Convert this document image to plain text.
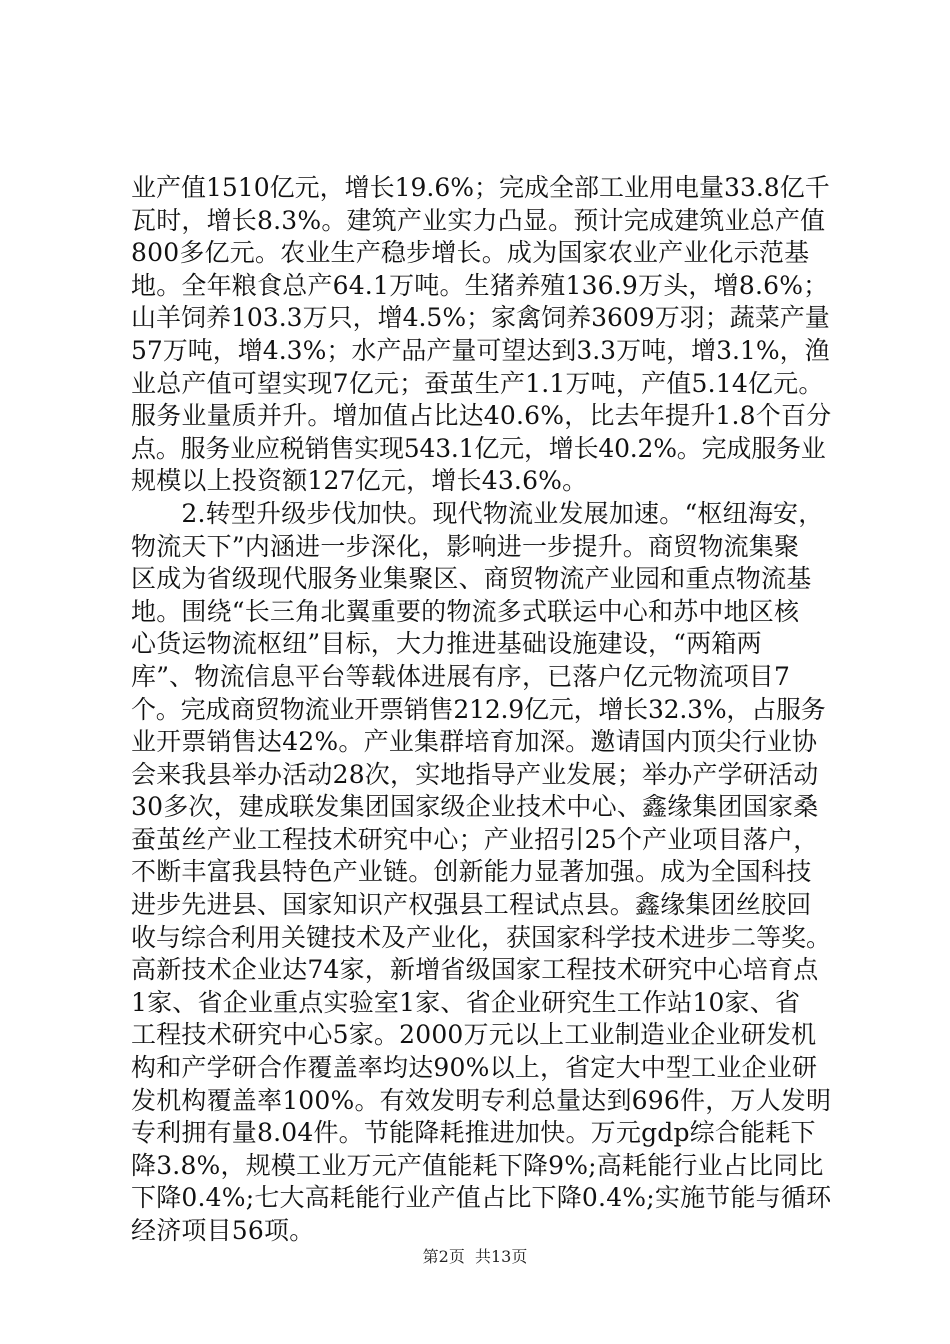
业产值1510亿元，增长19.6%；完成全部工业用电量33.8亿千
瓦时，增长8.3%。建筑产业实力凸显。预计完成建筑业总产值
800多亿元。农业生产稳步增长。成为国家农业产业化示范基
地。全年粮食总产64.1万吨。生猪养殖136.9万头，增8.6%；
山羊饲养103.3万只，增4.5%；家禽饲养3609万羽；蔬菜产量
57万吨，增4.3%；水产品产量可望达到3.3万吨，增3.1%，渔
业总产值可望实现7亿元；蚕茧生产1.1万吨，产值5.14亿元。
服务业量质并升。增加值占比达40.6%，比去年提升1.8个百分
点。服务业应税销售实现543.1亿元，增长40.2%。完成服务业
规模以上投资额127亿元，增长43.6%。
　　2.转型升级步伐加快。现代物流业发展加速。“枢纽海安，
物流天下”内涵进一步深化，影响进一步提升。商贸物流集聚
区成为省级现代服务业集聚区、商贸物流产业园和重点物流基
地。围绕“长三角北翼重要的物流多式联运中心和苏中地区核
心货运物流枢纽”目标，大力推进基础设施建设，“两箱两
库”、物流信息平台等载体进展有序，已落户亿元物流项目7
个。完成商贸物流业开票销售212.9亿元，增长32.3%，占服务
业开票销售达42%。产业集群培育加深。邀请国内顶尖行业协
会来我县举办活动28次，实地指导产业发展；举办产学研活动
30多次，建成联发集团国家级企业技术中心、鑫缘集团国家桑
蚕茧丝产业工程技术研究中心；产业招引25个产业项目落户，
不断丰富我县特色产业链。创新能力显著加强。成为全国科技
进步先进县、国家知识产权强县工程试点县。鑫缘集团丝胶回
收与综合利用关键技术及产业化，获国家科学技术进步二等奖。
高新技术企业达74家，新增省级国家工程技术研究中心培育点
1家、省企业重点实验室1家、省企业研究生工作站10家、省
工程技术研究中心5家。2000万元以上工业制造业企业研发机
构和产学研合作覆盖率均达90%以上，省定大中型工业企业研
发机构覆盖率100%。有效发明专利总量达到696件，万人发明
专利拥有量8.04件。节能降耗推进加快。万元gdp综合能耗下
降3.8%，规模工业万元产值能耗下降9%;高耗能行业占比同比
下降0.4%;七大高耗能行业产值占比下降0.4%;实施节能与循环
经济项目56项。
第2页  共13页
